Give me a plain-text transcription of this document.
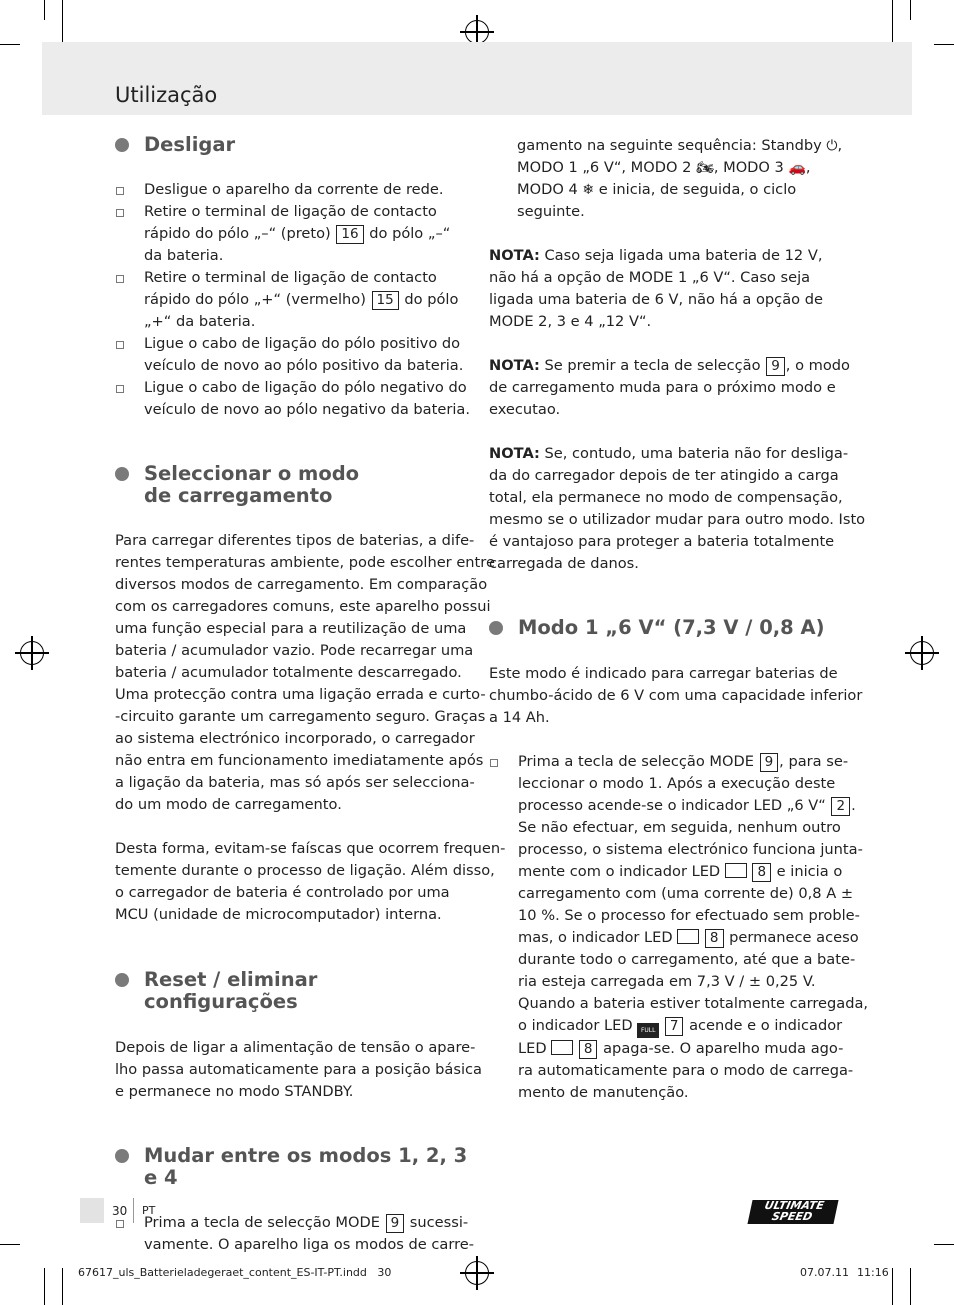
Utilização
Desligar
Desligue o aparelho da corrente de rede.
Retire o terminal de ligação de contacto rápido do pólo „–“ (preto) 16 do pólo „–“ da bateria.
Retire o terminal de ligação de contacto rápido do pólo „+“ (vermelho) 15 do pólo „+“ da bateria.
Ligue o cabo de ligação do pólo positivo do veículo de novo ao pólo positivo da bateria.
Ligue o cabo de ligação do pólo negativo do veículo de novo ao pólo negativo da bateria.
Seleccionar o modo
de carregamento
Para carregar diferentes tipos de baterias, a dife-
rentes temperaturas ambiente, pode escolher entre
diversos modos de carregamento. Em comparação
com os carregadores comuns, este aparelho possui
uma função especial para a reutilização de uma
bateria / acumulador vazio. Pode recarregar uma
bateria / acumulador totalmente descarregado.
Uma protecção contra uma ligação errada e curto-
-circuito garante um carregamento seguro. Graças
ao sistema electrónico incorporado, o carregador
não entra em funcionamento imediatamente após
a ligação da bateria, mas só após ser selecciona-
do um modo de carregamento.
Desta forma, evitam-se faíscas que ocorrem frequen-
temente durante o processo de ligação. Além disso,
o carregador de bateria é controlado por uma
MCU (unidade de microcomputador) interna.
Reset / eliminar configurações
Depois de ligar a alimentação de tensão o apare-
lho passa automaticamente para a posição básica
e permanece no modo STANDBY.
Mudar entre os modos 1, 2, 3 e 4
Prima a tecla de selecção MODE 9 sucessi-
vamente. O aparelho liga os modos de carre-
gamento na seguinte sequência: Standby ⏻,
MODO 1 „6 V“, MODO 2 🏍, MODO 3 🚗,
MODO 4 ❄ e inicia, de seguida, o ciclo
seguinte.
NOTA: Caso seja ligada uma bateria de 12 V,
não há a opção de MODE 1 „6 V“. Caso seja
ligada uma bateria de 6 V, não há a opção de
MODE 2, 3 e 4 „12 V“.
NOTA: Se premir a tecla de selecção 9 , o modo
de carregamento muda para o próximo modo e
executao.
NOTA: Se, contudo, uma bateria não for desliga-
da do carregador depois de ter atingido a carga
total, ela permanece no modo de compensação,
mesmo se o utilizador mudar para outro modo. Isto
é vantajoso para proteger a bateria totalmente
carregada de danos.
Modo 1 „6 V“ (7,3 V / 0,8 A)
Este modo é indicado para carregar baterias de
chumbo-ácido de 6 V com uma capacidade inferior
a 14 Ah.
Prima a tecla de selecção MODE 9 , para se-
leccionar o modo 1. Após a execução deste
processo acende-se o indicador LED „6 V“ 2 .
Se não efectuar, em seguida, nenhum outro
processo, o sistema electrónico funciona junta-
mente com o indicador LED  8 e inicia o
carregamento com (uma corrente de) 0,8 A ±
10 %. Se o processo for efectuado sem proble-
mas, o indicador LED  8 permanece aceso
durante todo o carregamento, até que a bate-
ria esteja carregada em 7,3 V / ± 0,25 V.
Quando a bateria estiver totalmente carregada,
o indicador LED FULL 7 acende e o indicador
LED  8 apaga-se. O aparelho muda ago-
ra automaticamente para o modo de carrega-
mento de manutenção.
30 PT	ULTIMATE
SPEED
67617_uls_Batterieladegeraet_content_ES-IT-PT.indd   30	07.07.11 11:16
